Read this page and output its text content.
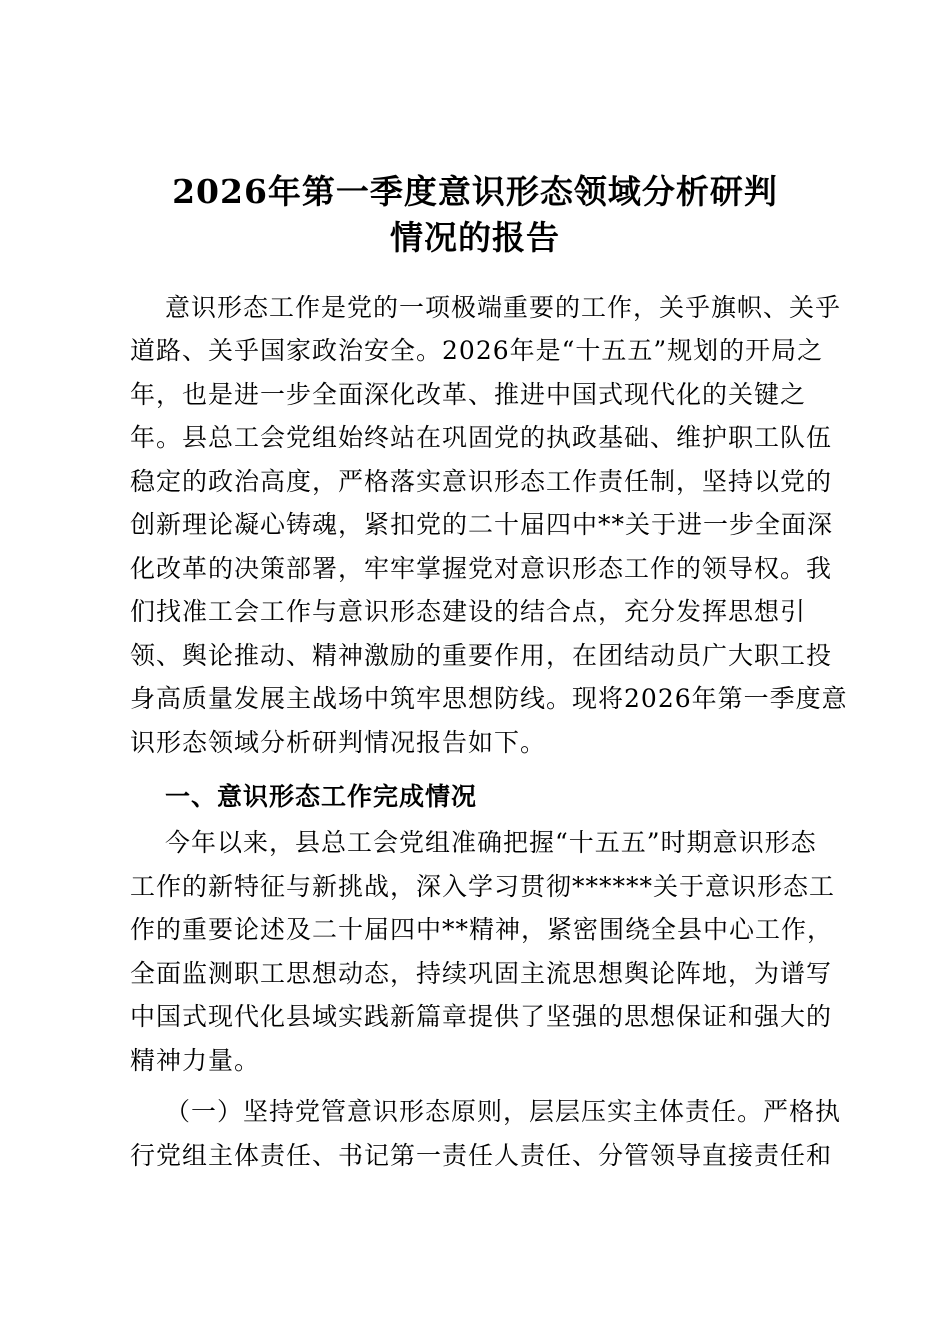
2026年第一季度意识形态领域分析研判
情况的报告
意识形态工作是党的一项极端重要的工作，关乎旗帜、关乎
道路、关乎国家政治安全。2026年是“十五五”规划的开局之
年，也是进一步全面深化改革、推进中国式现代化的关键之
年。县总工会党组始终站在巩固党的执政基础、维护职工队伍
稳定的政治高度，严格落实意识形态工作责任制，坚持以党的
创新理论凝心铸魂，紧扣党的二十届四中**关于进一步全面深
化改革的决策部署，牢牢掌握党对意识形态工作的领导权。我
们找准工会工作与意识形态建设的结合点，充分发挥思想引
领、舆论推动、精神激励的重要作用，在团结动员广大职工投
身高质量发展主战场中筑牢思想防线。现将2026年第一季度意
识形态领域分析研判情况报告如下。
一、意识形态工作完成情况
今年以来，县总工会党组准确把握“十五五”时期意识形态
工作的新特征与新挑战，深入学习贯彻******关于意识形态工
作的重要论述及二十届四中**精神，紧密围绕全县中心工作，
全面监测职工思想动态，持续巩固主流思想舆论阵地，为谱写
中国式现代化县域实践新篇章提供了坚强的思想保证和强大的
精神力量。
（一）坚持党管意识形态原则，层层压实主体责任。严格执
行党组主体责任、书记第一责任人责任、分管领导直接责任和
